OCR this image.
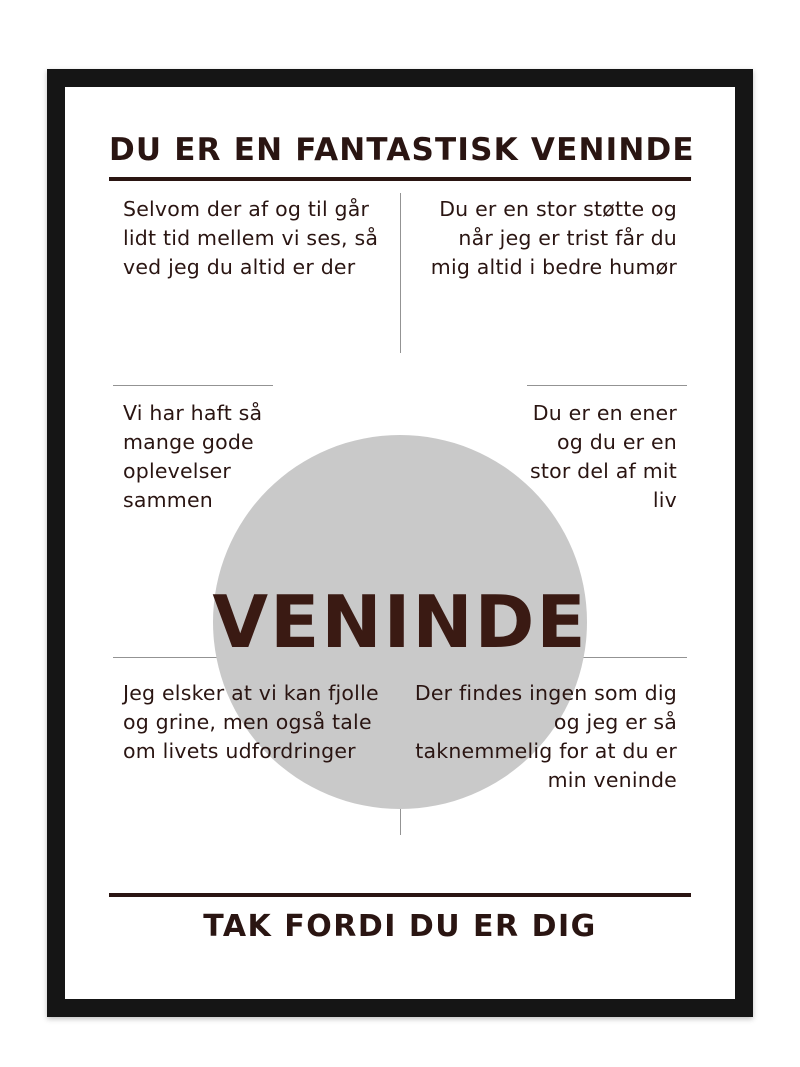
DU ER EN FANTASTISK VENINDE
Selvom der af og til går lidt tid mellem vi ses, så ved jeg du altid er der
Du er en stor støtte og når jeg er trist får du mig altid i bedre humør
Vi har haft så mange gode oplevelser sammen
Du er en ener og du er en stor del af mit liv
VENINDE
Jeg elsker at vi kan fjolle og grine, men også tale om livets udfordringer
Der findes ingen som dig og jeg er så taknemmelig for at du er min veninde
TAK FORDI DU ER DIG
